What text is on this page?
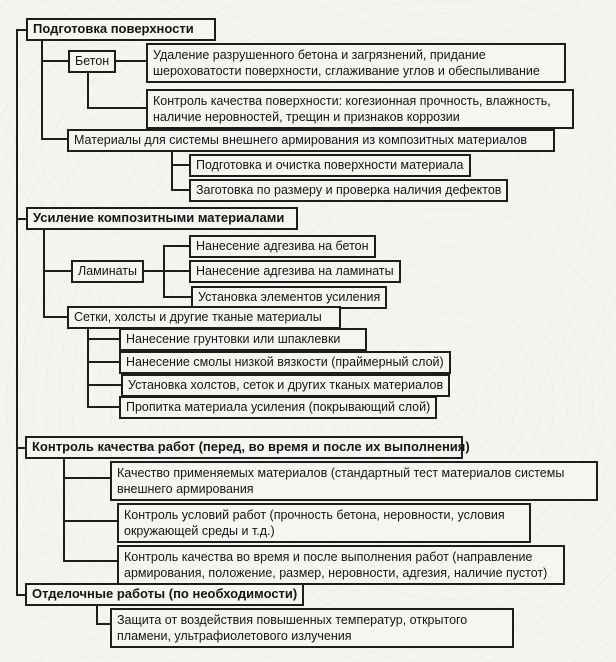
Подготовка поверхности
Бетон	Удаление разрушенного бетона и загрязнений, придание шероховатости поверхности, сглаживание углов и обеспыливание
Контроль качества поверхности: когезионная прочность, влажность, наличие неровностей, трещин и признаков коррозии
Материалы для системы внешнего армирования из композитных материалов
Подготовка и очистка поверхности материала
Заготовка по размеру и проверка наличия дефектов
Усиление композитными материалами
Ламинаты
Нанесение адгезива на бетон
Нанесение адгезива на ламинаты
Установка элементов усиления
Сетки, холсты и другие тканые материалы
Нанесение грунтовки или шпаклевки
Нанесение смолы низкой вязкости (праймерный слой)
Установка холстов, сеток и других тканых материалов
Пропитка материала усиления (покрывающий слой)
Контроль качества работ (перед, во время и после их выполнения)
Качество применяемых материалов (стандартный тест материалов системы внешнего армирования
Контроль условий работ (прочность бетона, неровности, условия окружающей среды и т.д.)
Контроль качества во время и после выполнения работ (направление армирования, положение, размер, неровности, адгезия, наличие пустот)
Отделочные работы (по необходимости)
Защита от воздействия повышенных температур, открытого пламени, ультрафиолетового излучения
